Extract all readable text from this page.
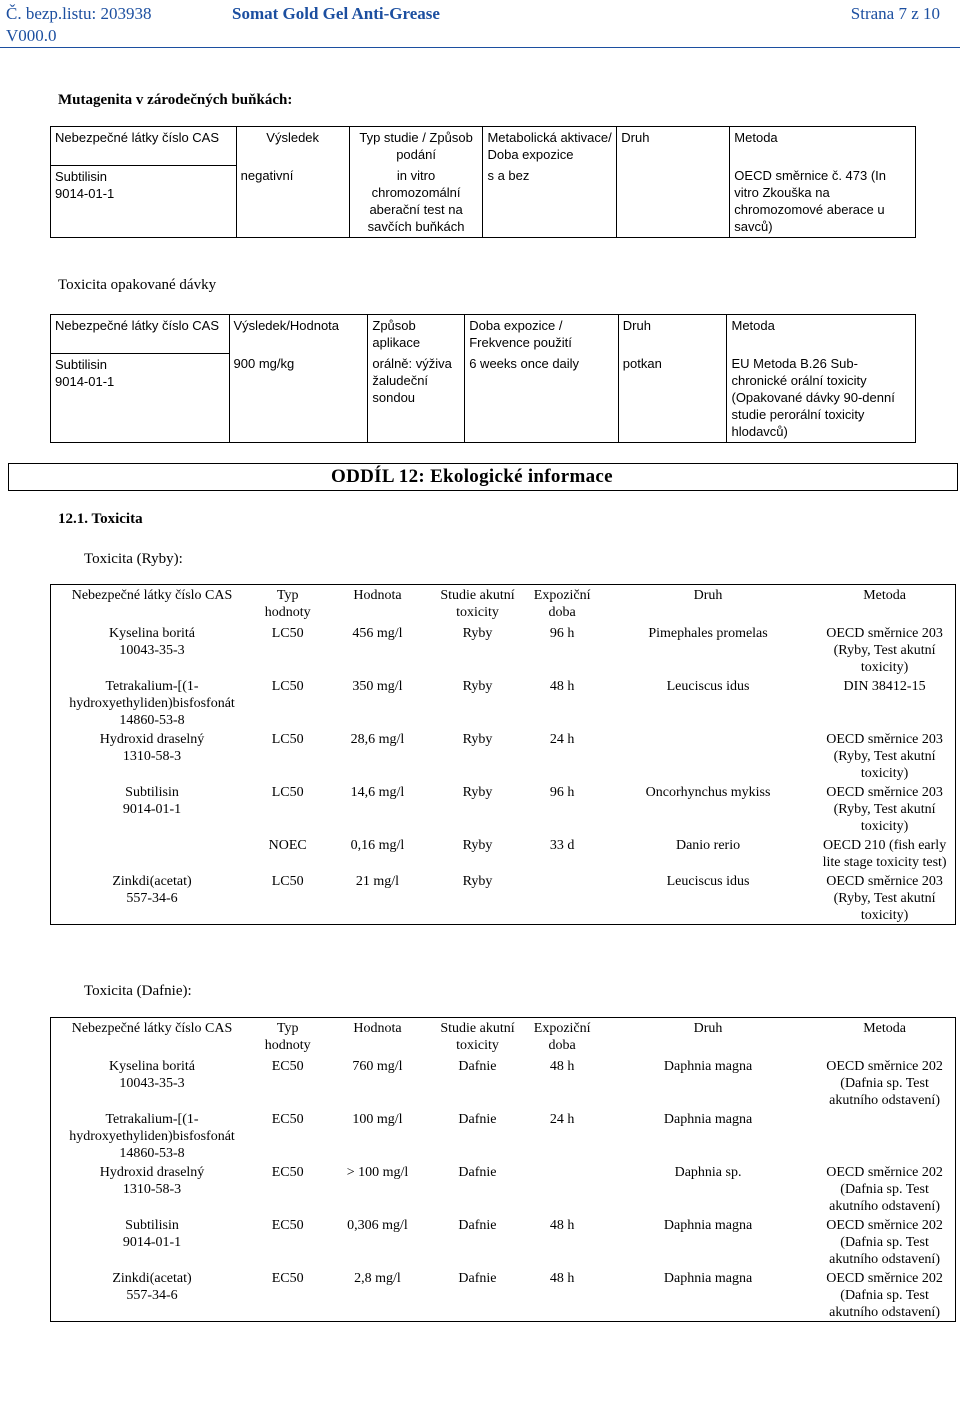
Č. bezp.listu: 203938
V000.0
Somat Gold Gel Anti-Grease	Strana 7 z 10
Mutagenita v zárodečných buňkách:
Nebezpečné látky číslo CAS	Výsledek	Typ studie / Způsob podání	Metabolická aktivace/ Doba expozice	Druh	Metoda
Subtilisin
9014-01-1	negativní	in vitro chromozomální aberační test na savčích buňkách	s a bez		OECD směrnice č. 473 (In vitro Zkouška na chromozomové aberace u savců)
Toxicita opakované dávky
Nebezpečné látky číslo CAS	Výsledek/Hodnota	Způsob aplikace	Doba expozice / Frekvence použití	Druh	Metoda
Subtilisin
9014-01-1	900 mg/kg	orálně: výživa žaludeční sondou	6 weeks once daily	potkan	EU Metoda B.26 Sub-chronické orální toxicity (Opakované dávky 90-denní studie perorální toxicity hlodavců)
ODDÍL 12: Ekologické informace
12.1. Toxicita
Toxicita (Ryby):
Nebezpečné látky číslo CAS	Typ hodnoty	Hodnota	Studie akutní toxicity	Expoziční doba	Druh	Metoda
Kyselina boritá
10043-35-3	LC50	456 mg/l	Ryby	96 h	Pimephales promelas	OECD směrnice 203 (Ryby, Test akutní toxicity)
Tetrakalium-[(1-hydroxyethyliden)bisfosfonát
14860-53-8	LC50	350 mg/l	Ryby	48 h	Leuciscus idus	DIN 38412-15
Hydroxid draselný
1310-58-3	LC50	28,6 mg/l	Ryby	24 h		OECD směrnice 203 (Ryby, Test akutní toxicity)
Subtilisin
9014-01-1	LC50	14,6 mg/l	Ryby	96 h	Oncorhynchus mykiss	OECD směrnice 203 (Ryby, Test akutní toxicity)

	NOEC	0,16 mg/l	Ryby	33 d	Danio rerio	OECD 210 (fish early lite stage toxicity test)
Zinkdi(acetat)
557-34-6	LC50	21 mg/l	Ryby		Leuciscus idus	OECD směrnice 203 (Ryby, Test akutní toxicity)
Toxicita (Dafnie):
Nebezpečné látky číslo CAS	Typ hodnoty	Hodnota	Studie akutní toxicity	Expoziční doba	Druh	Metoda
Kyselina boritá
10043-35-3	EC50	760 mg/l	Dafnie	48 h	Daphnia magna	OECD směrnice 202 (Dafnia sp. Test akutního odstavení)
Tetrakalium-[(1-hydroxyethyliden)bisfosfonát
14860-53-8	EC50	100 mg/l	Dafnie	24 h	Daphnia magna	
Hydroxid draselný
1310-58-3	EC50	> 100 mg/l	Dafnie		Daphnia sp.	OECD směrnice 202 (Dafnia sp. Test akutního odstavení)
Subtilisin
9014-01-1	EC50	0,306 mg/l	Dafnie	48 h	Daphnia magna	OECD směrnice 202 (Dafnia sp. Test akutního odstavení)
Zinkdi(acetat)
557-34-6	EC50	2,8 mg/l	Dafnie	48 h	Daphnia magna	OECD směrnice 202 (Dafnia sp. Test akutního odstavení)
